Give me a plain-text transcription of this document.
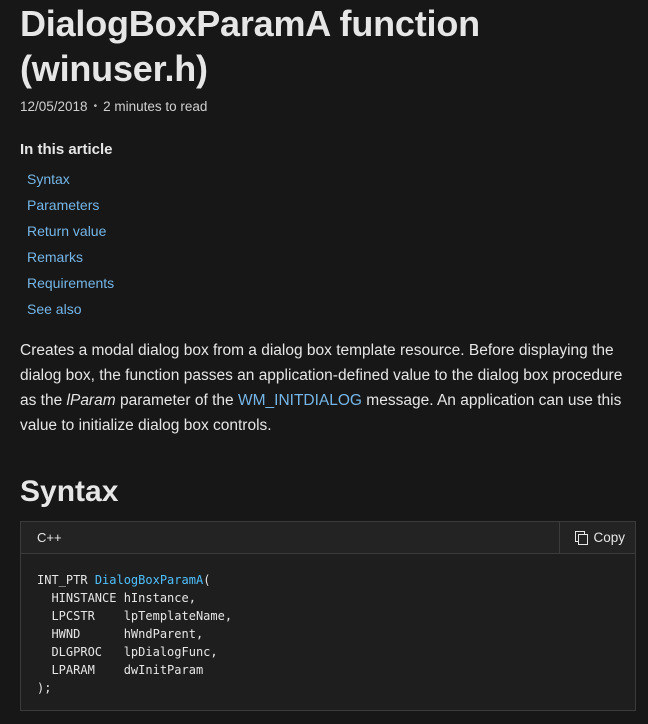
DialogBoxParamA function (winuser.h)
12/05/2018 • 2 minutes to read
In this article
Syntax
Parameters
Return value
Remarks
Requirements
See also

Creates a modal dialog box from a dialog box template resource. Before displaying the dialog box, the function passes an application-defined value to the dialog box procedure as the lParam parameter of the WM_INITDIALOG message. An application can use this value to initialize dialog box controls.

Syntax
C++	Copy
INT_PTR DialogBoxParamA(
HINSTANCE hInstance,
LPCSTR    lpTemplateName,
HWND      hWndParent,
DLGPROC   lpDialogFunc,
LPARAM    dwInitParam
);
